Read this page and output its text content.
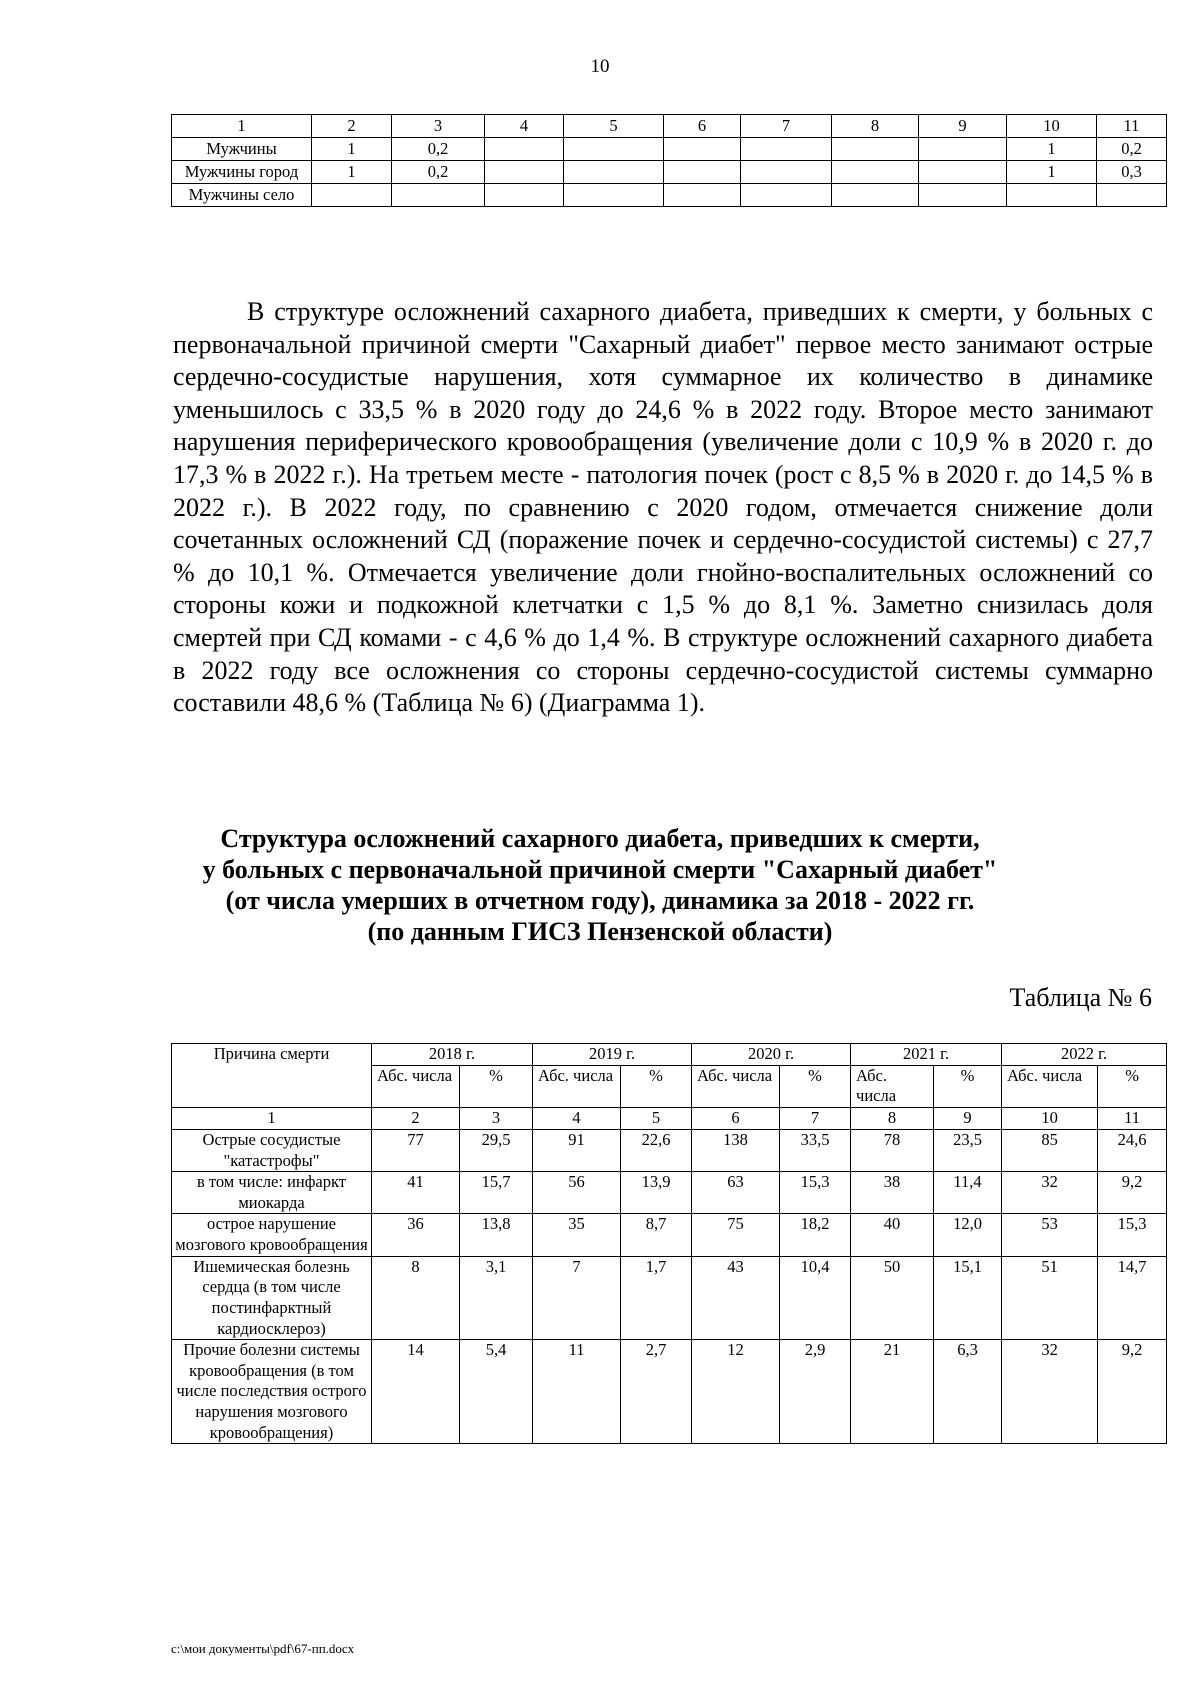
10
1	2	3	4	5	6	7	8	9	10	11
Мужчины	1	0,2							1	0,2
Мужчины город	1	0,2							1	0,3
Мужчины село										

В структуре осложнений сахарного диабета, приведших к смерти, у больных с первоначальной причиной смерти "Сахарный диабет" первое место занимают острые сердечно-сосудистые нарушения, хотя суммарное их количество в динамике уменьшилось с 33,5 % в 2020 году до 24,6 % в 2022 году. Второе место занимают нарушения периферического кровообращения (увеличение доли с 10,9 % в 2020 г. до 17,3 % в 2022 г.). На третьем месте - патология почек (рост с 8,5 % в 2020 г. до 14,5 % в 2022 г.). В 2022 году, по сравнению с 2020 годом, отмечается снижение доли сочетанных осложнений СД (поражение почек и сердечно-сосудистой системы) с 27,7 % до 10,1 %. Отмечается увеличение доли гнойно-воспалительных осложнений со стороны кожи и подкожной клетчатки с 1,5 % до 8,1 %. Заметно снизилась доля смертей при СД комами - с 4,6 % до 1,4 %. В структуре осложнений сахарного диабета в 2022 году все осложнения со стороны сердечно-сосудистой системы суммарно составили 48,6 % (Таблица № 6) (Диаграмма 1).

Структура осложнений сахарного диабета, приведших к смерти,
у больных с первоначальной причиной смерти "Сахарный диабет"
(от числа умерших в отчетном году), динамика за 2018 - 2022 гг.
(по данным ГИСЗ Пензенской области)
Таблица № 6
Причина смерти	2018 г.		2019 г.		2020 г.		2021 г.		2022 г.	
	Абс. числа	%	Абс. числа	%	Абс. числа	%	Абс. числа	%	Абс. числа	%
1	2	3	4	5	6	7	8	9	10	11
Острые сосудистые "катастрофы"	77	29,5	91	22,6	138	33,5	78	23,5	85	24,6
в том числе: инфаркт миокарда	41	15,7	56	13,9	63	15,3	38	11,4	32	9,2
острое нарушение мозгового кровообращения	36	13,8	35	8,7	75	18,2	40	12,0	53	15,3
Ишемическая болезнь сердца (в том числе постинфарктный кардиосклероз)	8	3,1	7	1,7	43	10,4	50	15,1	51	14,7
Прочие болезни системы кровообращения (в том числе последствия острого нарушения мозгового кровообращения)	14	5,4	11	2,7	12	2,9	21	6,3	32	9,2
c:\мои документы\pdf\67-пп.docx
